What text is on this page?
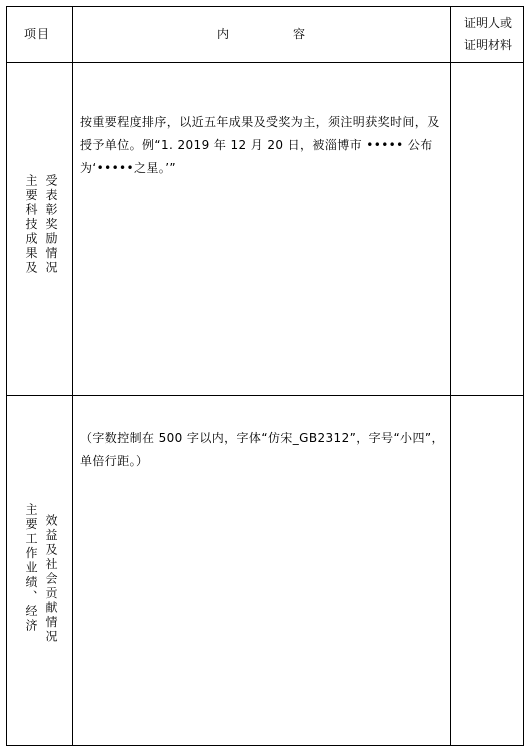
项目	内	容
证明人或
证明材料
受表彰奖励情况
主要科技成果及
按重要程度排序，以近五年成果及受奖为主，须注明获奖时间，及授予单位。例“1. 2019 年 12 月 20 日，被淄博市 ••••• 公布为‘•••••之星。’”
效益及社会贡献情况
主要工作业绩、经济
（字数控制在 500 字以内，字体“仿宋_GB2312”，字号“小四”，单倍行距。）
